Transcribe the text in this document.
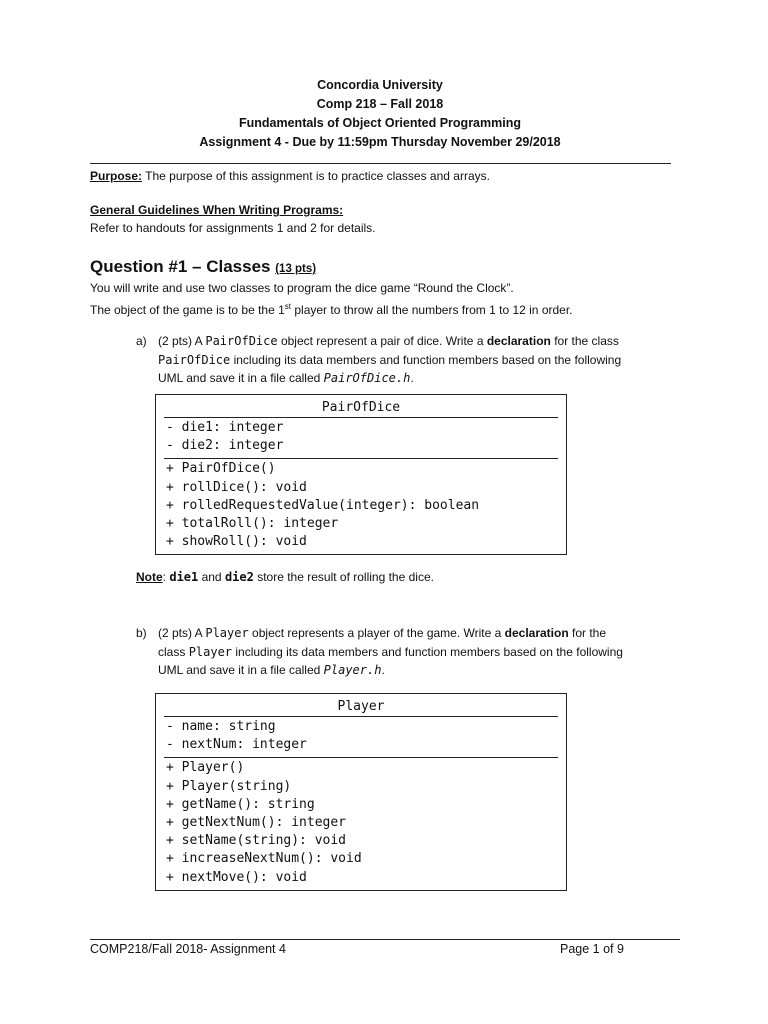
Concordia University
Comp 218 – Fall 2018
Fundamentals of Object Oriented Programming
Assignment 4 - Due by 11:59pm Thursday November 29/2018
Purpose: The purpose of this assignment is to practice classes and arrays.
General Guidelines When Writing Programs:
Refer to handouts for assignments 1 and 2 for details.
Question #1 – Classes (13 pts)
You will write and use two classes to program the dice game “Round the Clock”.
The object of the game is to be the 1st player to throw all the numbers from 1 to 12 in order.
a) (2 pts) A PairOfDice object represent a pair of dice. Write a declaration for the class
PairOfDice including its data members and function members based on the following
UML and save it in a file called PairOfDice.h.
PairOfDice
- die1: integer
- die2: integer
+ PairOfDice()
+ rollDice(): void
+ rolledRequestedValue(integer): boolean
+ totalRoll(): integer
+ showRoll(): void
Note: die1 and die2 store the result of rolling the dice.
b) (2 pts) A Player object represents a player of the game. Write a declaration for the
class Player including its data members and function members based on the following
UML and save it in a file called Player.h.
Player
- name: string
- nextNum: integer
+ Player()
+ Player(string)
+ getName(): string
+ getNextNum(): integer
+ setName(string): void
+ increaseNextNum(): void
+ nextMove(): void
COMP218/Fall 2018- Assignment 4	Page 1 of 9
